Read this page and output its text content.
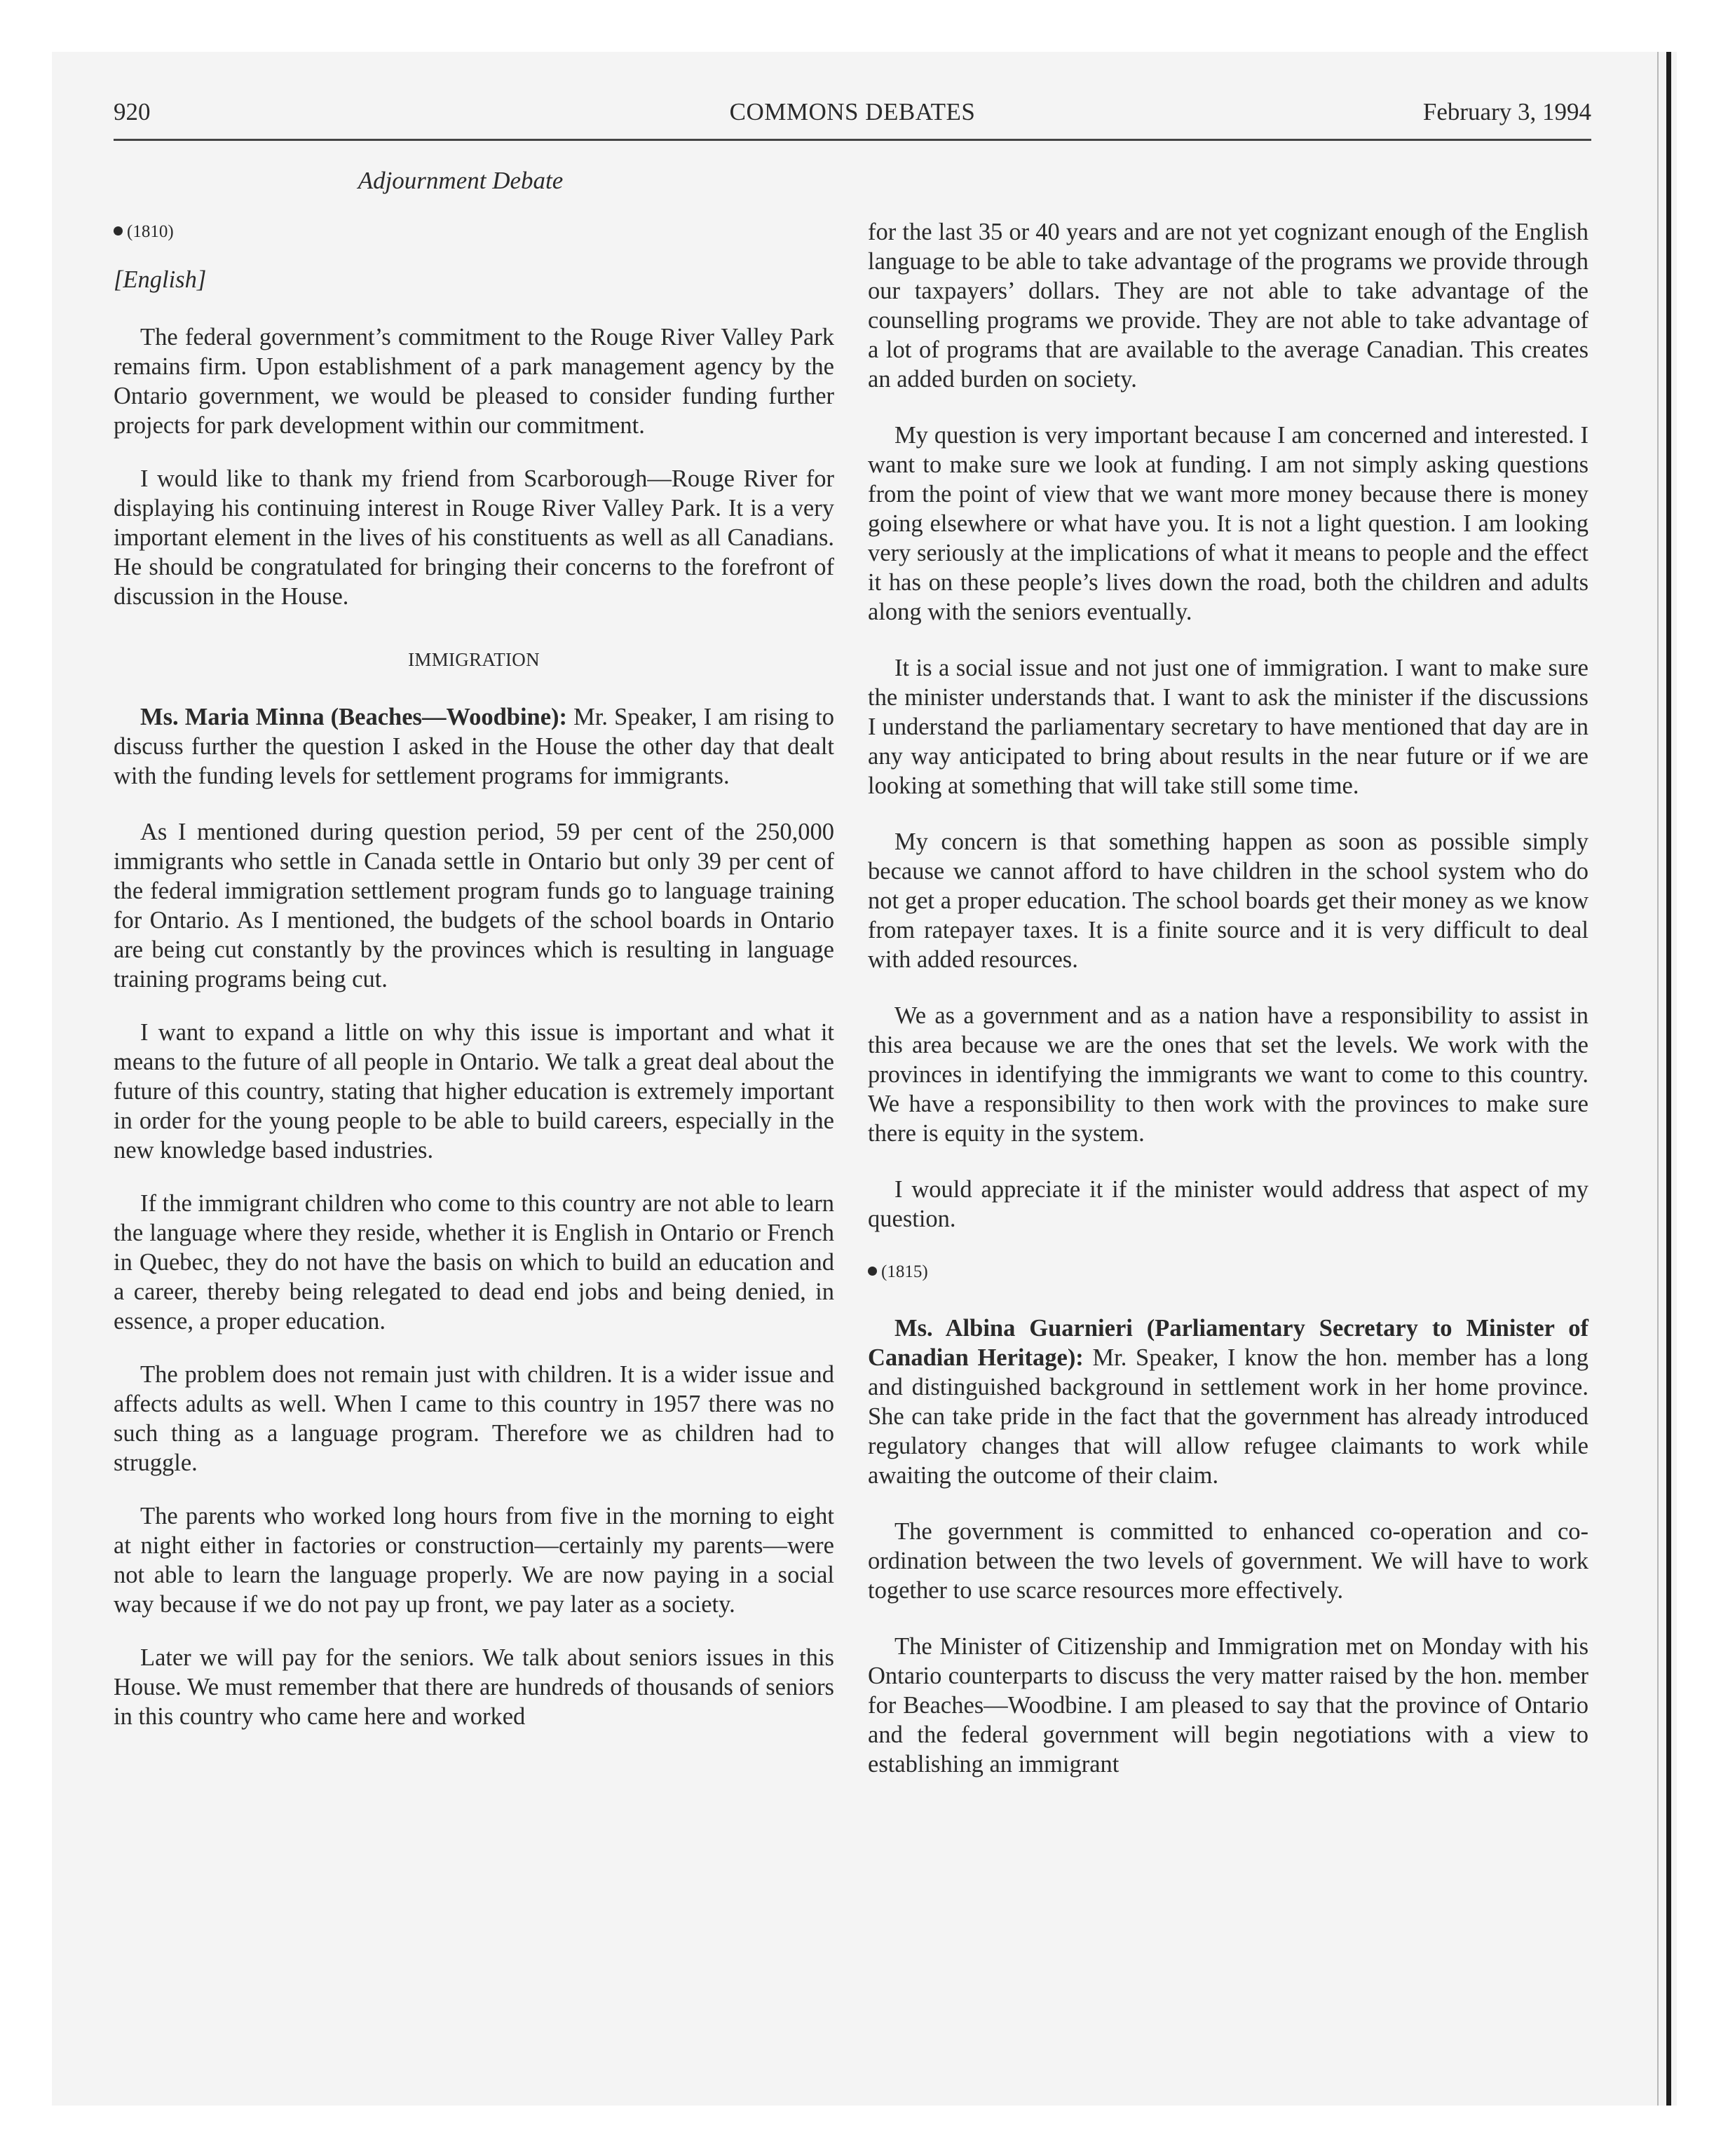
920	COMMONS DEBATES	February 3, 1994
Adjournment Debate
(1810)
[English]

The federal government’s commitment to the Rouge River Valley Park remains firm. Upon establishment of a park management agency by the Ontario government, we would be pleased to consider funding further projects for park development within our commitment.

I would like to thank my friend from Scarborough—Rouge River for displaying his continuing interest in Rouge River Valley Park. It is a very important element in the lives of his constituents as well as all Canadians. He should be congratulated for bringing their concerns to the forefront of discussion in the House.

IMMIGRATION

Ms. Maria Minna (Beaches—Woodbine): Mr. Speaker, I am rising to discuss further the question I asked in the House the other day that dealt with the funding levels for settlement programs for immigrants.

As I mentioned during question period, 59 per cent of the 250,000 immigrants who settle in Canada settle in Ontario but only 39 per cent of the federal immigration settlement program funds go to language training for Ontario. As I mentioned, the budgets of the school boards in Ontario are being cut constantly by the provinces which is resulting in language training programs being cut.

I want to expand a little on why this issue is important and what it means to the future of all people in Ontario. We talk a great deal about the future of this country, stating that higher education is extremely important in order for the young people to be able to build careers, especially in the new knowledge based industries.

If the immigrant children who come to this country are not able to learn the language where they reside, whether it is English in Ontario or French in Quebec, they do not have the basis on which to build an education and a career, thereby being relegated to dead end jobs and being denied, in essence, a proper education.

The problem does not remain just with children. It is a wider issue and affects adults as well. When I came to this country in 1957 there was no such thing as a language program. Therefore we as children had to struggle.

The parents who worked long hours from five in the morning to eight at night either in factories or construction—certainly my parents—were not able to learn the language properly. We are now paying in a social way because if we do not pay up front, we pay later as a society.

Later we will pay for the seniors. We talk about seniors issues in this House. We must remember that there are hundreds of thousands of seniors in this country who came here and worked

for the last 35 or 40 years and are not yet cognizant enough of the English language to be able to take advantage of the programs we provide through our taxpayers’ dollars. They are not able to take advantage of the counselling programs we provide. They are not able to take advantage of a lot of programs that are available to the average Canadian. This creates an added burden on society.

My question is very important because I am concerned and interested. I want to make sure we look at funding. I am not simply asking questions from the point of view that we want more money because there is money going elsewhere or what have you. It is not a light question. I am looking very seriously at the implications of what it means to people and the effect it has on these people’s lives down the road, both the children and adults along with the seniors eventually.

It is a social issue and not just one of immigration. I want to make sure the minister understands that. I want to ask the minister if the discussions I understand the parliamentary secretary to have mentioned that day are in any way anticipated to bring about results in the near future or if we are looking at something that will take still some time.

My concern is that something happen as soon as possible simply because we cannot afford to have children in the school system who do not get a proper education. The school boards get their money as we know from ratepayer taxes. It is a finite source and it is very difficult to deal with added resources.

We as a government and as a nation have a responsibility to assist in this area because we are the ones that set the levels. We work with the provinces in identifying the immigrants we want to come to this country. We have a responsibility to then work with the provinces to make sure there is equity in the system.

I would appreciate it if the minister would address that aspect of my question.

(1815)

Ms. Albina Guarnieri (Parliamentary Secretary to Minister of Canadian Heritage): Mr. Speaker, I know the hon. member has a long and distinguished background in settlement work in her home province. She can take pride in the fact that the government has already introduced regulatory changes that will allow refugee claimants to work while awaiting the outcome of their claim.

The government is committed to enhanced co-operation and co-ordination between the two levels of government. We will have to work together to use scarce resources more effectively.

The Minister of Citizenship and Immigration met on Monday with his Ontario counterparts to discuss the very matter raised by the hon. member for Beaches—Woodbine. I am pleased to say that the province of Ontario and the federal government will begin negotiations with a view to establishing an immigrant
